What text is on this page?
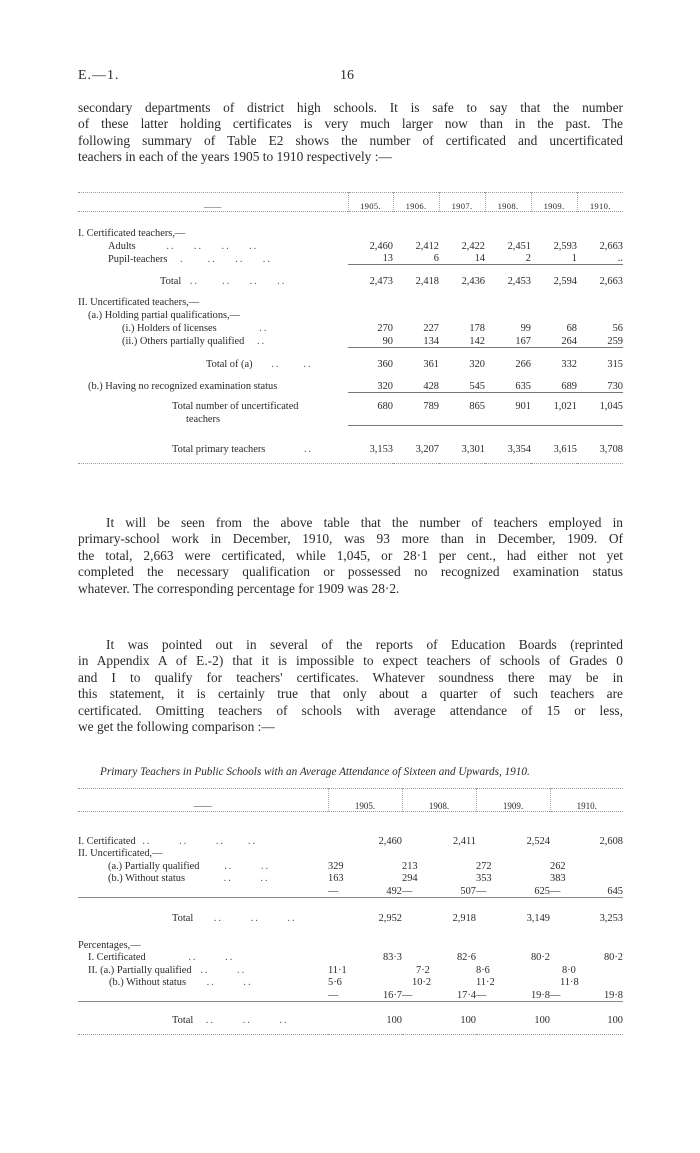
E.—1.	16

secondary departments of district high schools. It is safe to say that the number
of these latter holding certificates is very much larger now than in the past. The
following summary of Table E2 shows the number of certificated and uncertificated
teachers in each of the years 1905 to 1910 respectively :—

——	1905.	1906.	1907.	1908.	1909.	1910.

I. Certificated teachers,—						
Adults ..    ..    ..    ..	2,460	2,412	2,422	2,451	2,593	2,663
Pupil-teachers .     ..    ..    ..	13	6	14	2	1	..
Total ..     ..    ..    ..	2,473	2,418	2,436	2,453	2,594	2,663

II. Uncertificated teachers,—						
(a.) Holding partial qualifications,—						
(i.) Holders of licenses ..	270	227	178	99	68	56
(ii.) Others partially qualified ..	90	134	142	167	264	259
Total of (a) ..     ..	360	361	320	266	332	315
(b.) Having no recognized examination status	320	428	545	635	689	730
Total number of uncertificated	680	789	865	901	1,021	1,045
teachers						
Total primary teachers ..	3,153	3,207	3,301	3,354	3,615	3,708

It will be seen from the above table that the number of teachers employed in
primary-school work in December, 1910, was 93 more than in December, 1909. Of
the total, 2,663 were certificated, while 1,045, or 28·1 per cent., had either not yet
completed the necessary qualification or possessed no recognized examination status
whatever. The corresponding percentage for 1909 was 28·2.

It was pointed out in several of the reports of Education Boards (reprinted
in Appendix A of E.-2) that it is impossible to expect teachers of schools of Grades 0
and I to qualify for teachers' certificates. Whatever soundness there may be in
this statement, it is certainly true that only about a quarter of such teachers are
certificated. Omitting teachers of schools with average attendance of 15 or less,
we get the following comparison :—

Primary Teachers in Public Schools with an Average Attendance of Sixteen and Upwards, 1910.
——	1905.	1908.	1909.	1910.

I. Certificated ..      ..      ..     ..	2,460	2,411	2,524	2,608
II. Uncertificated,—				
(a.) Partially qualified ..      ..	329	213	272	262
(b.) Without status ..      ..	163	294	353	383

	— 492	— 507	— 625	— 645
Total ..      ..      ..	2,952	2,918	3,149	3,253

Percentages,—				
I. Certificated ..      ..	83·3	82·6	80·2	80·2
II. (a.) Partially qualified ..      ..	11·1	7·2	8·6	8·0
(b.) Without status ..      ..	5·6	10·2	11·2	11·8

	— 16·7	— 17·4	— 19·8	— 19·8
Total ..      ..      ..	100	100	100	100
